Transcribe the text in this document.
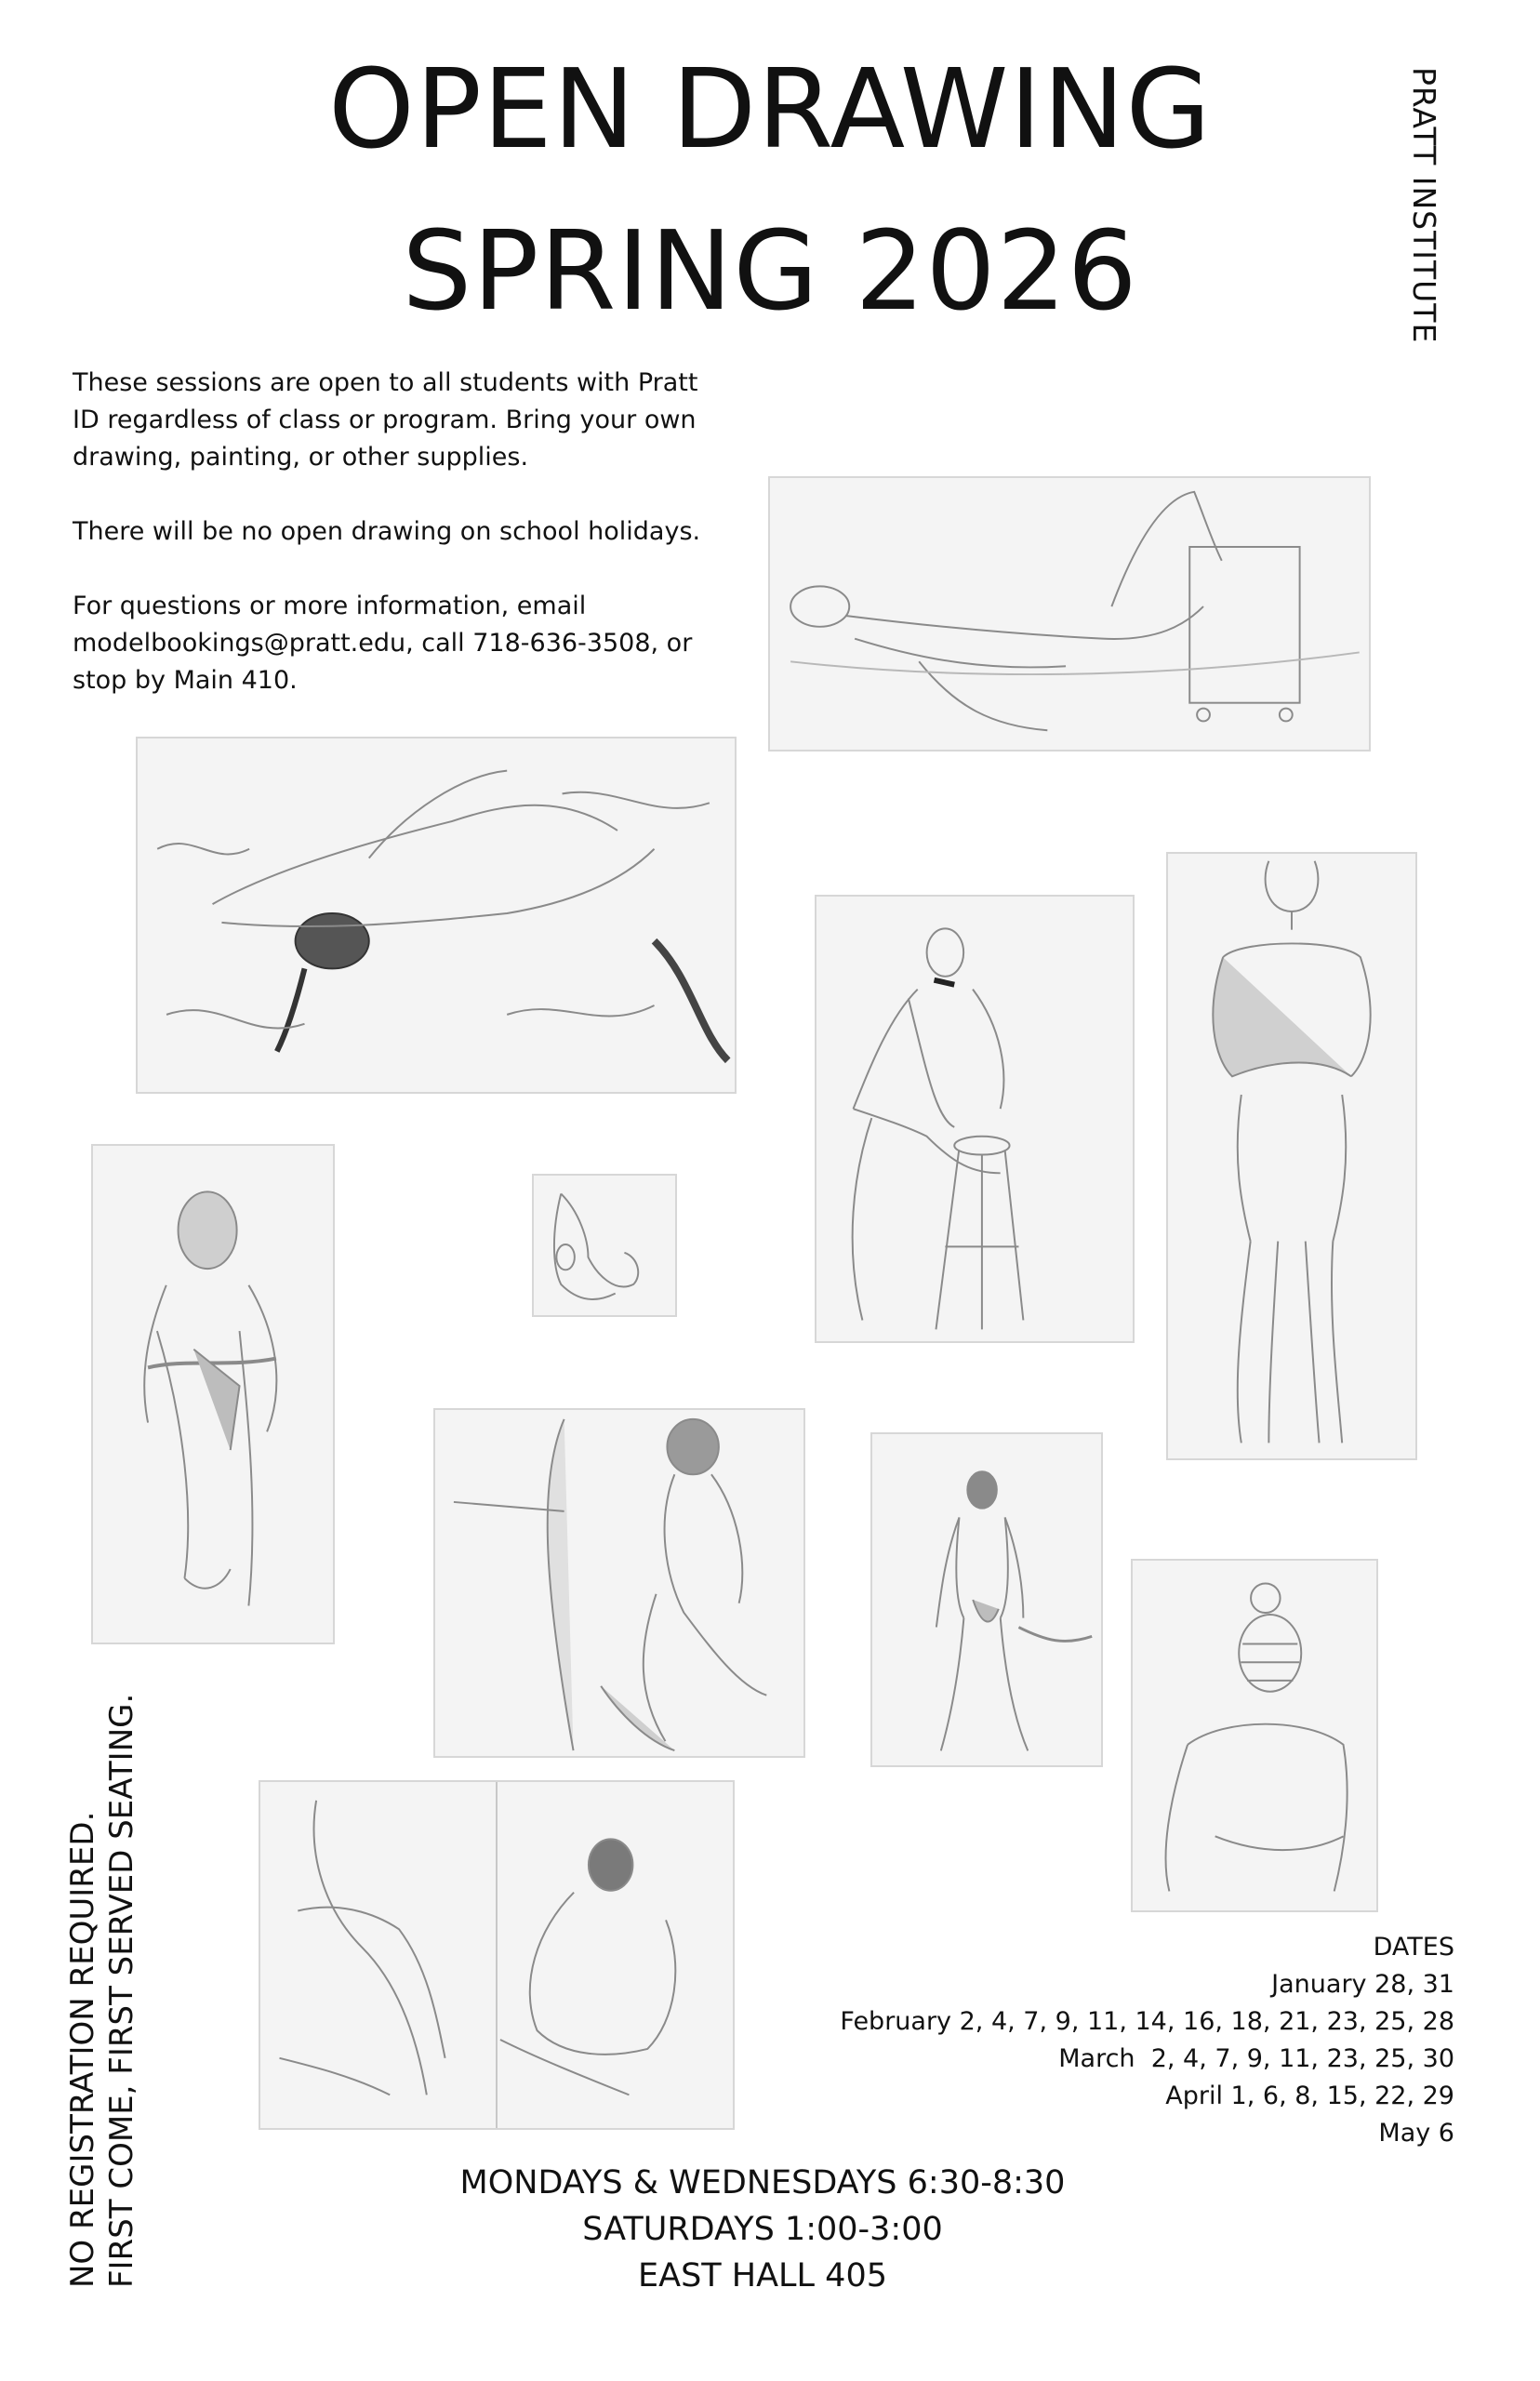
OPEN DRAWING
SPRING 2026	PRATT INSTITUTE

These sessions are open to all students with Pratt ID regardless of class or program. Bring your own drawing, painting, or other supplies.

There will be no open drawing on school holidays.

For questions or more information, email modelbookings@pratt.edu, call 718-636-3508, or stop by Main 410.

NO REGISTRATION REQUIRED. FIRST COME, FIRST SERVED SEATING.	DATES
January 28, 31
February 2, 4, 7, 9, 11, 14, 16, 18, 21, 23, 25, 28
March  2, 4, 7, 9, 11, 23, 25, 30
April 1, 6, 8, 15, 22, 29
May 6
MONDAYS & WEDNESDAYS 6:30-8:30
SATURDAYS 1:00-3:00
EAST HALL 405
